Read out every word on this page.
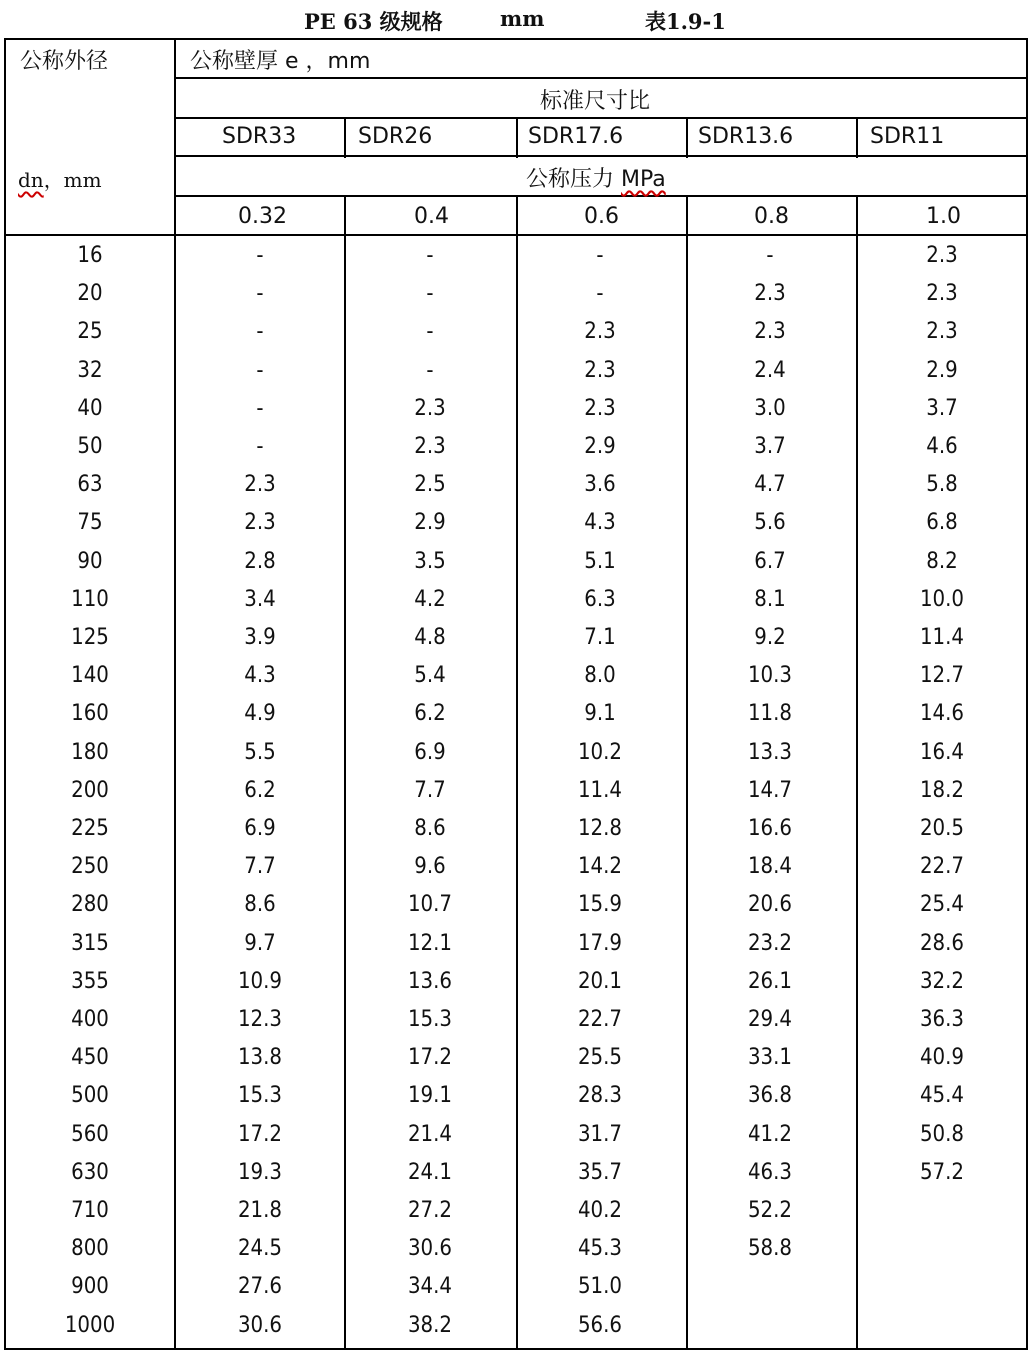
PE 63 级规格	mm	表1.9-1
公称外径
dn，mm
公称壁厚 e ，mm
标准尺寸比
SDR33	SDR26	SDR17.6	SDR13.6	SDR11
公称压力 MPa
0.32	0.4	0.6	0.8	1.0
16	-	-	-	-	2.3
20	-	-	-	2.3	2.3
25	-	-	2.3	2.3	2.3
32	-	-	2.3	2.4	2.9
40	-	2.3	2.3	3.0	3.7
50	-	2.3	2.9	3.7	4.6
63	2.3	2.5	3.6	4.7	5.8
75	2.3	2.9	4.3	5.6	6.8
90	2.8	3.5	5.1	6.7	8.2
110	3.4	4.2	6.3	8.1	10.0
125	3.9	4.8	7.1	9.2	11.4
140	4.3	5.4	8.0	10.3	12.7
160	4.9	6.2	9.1	11.8	14.6
180	5.5	6.9	10.2	13.3	16.4
200	6.2	7.7	11.4	14.7	18.2
225	6.9	8.6	12.8	16.6	20.5
250	7.7	9.6	14.2	18.4	22.7
280	8.6	10.7	15.9	20.6	25.4
315	9.7	12.1	17.9	23.2	28.6
355	10.9	13.6	20.1	26.1	32.2
400	12.3	15.3	22.7	29.4	36.3
450	13.8	17.2	25.5	33.1	40.9
500	15.3	19.1	28.3	36.8	45.4
560	17.2	21.4	31.7	41.2	50.8
630	19.3	24.1	35.7	46.3	57.2
710	21.8	27.2	40.2	52.2
800	24.5	30.6	45.3	58.8
900	27.6	34.4	51.0
1000	30.6	38.2	56.6
